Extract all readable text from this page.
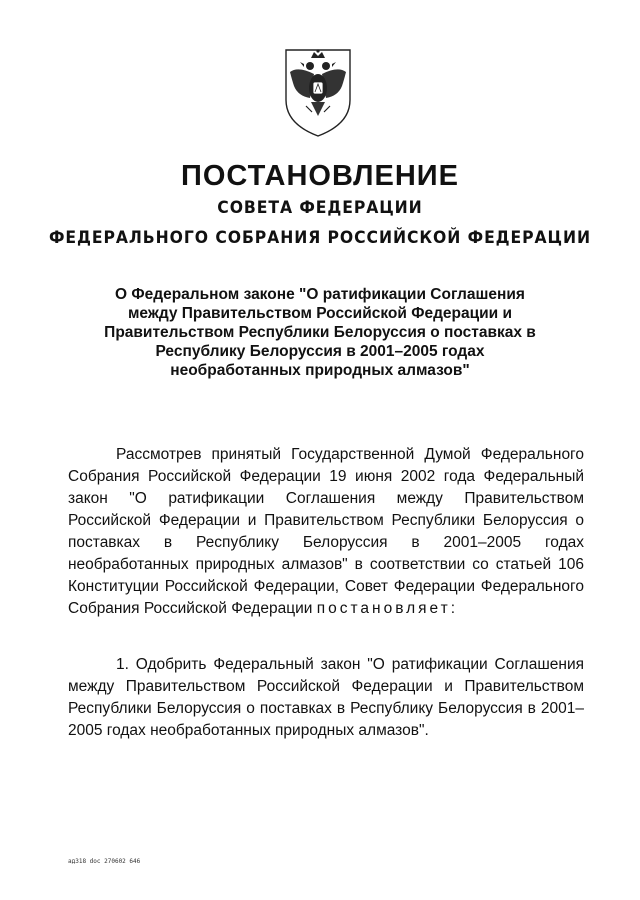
ПОСТАНОВЛЕНИЕ
СОВЕТА ФЕДЕРАЦИИ
ФЕДЕРАЛЬНОГО СОБРАНИЯ РОССИЙСКОЙ ФЕДЕРАЦИИ

О Федеральном законе "О ратификации Соглашения между Правительством Российской Федерации и Правительством Республики Белоруссия о поставках в Республику Белоруссия в 2001–2005 годах необработанных природных алмазов"

Рассмотрев принятый Государственной Думой Федерального Собрания Российской Федерации 19 июня 2002 года Федеральный закон "О ратификации Соглашения между Правительством Российской Федерации и Правительством Республики Белоруссия о поставках в Республику Белоруссия в 2001–2005 годах необработанных природных алмазов" в соответствии со статьей 106 Конституции Российской Федерации, Совет Федерации Федерального Собрания Российской Федерации постановляет:

1. Одобрить Федеральный закон "О ратификации Соглашения между Правительством Российской Федерации и Правительством Республики Белоруссия о поставках в Республику Белоруссия в 2001–2005 годах необработанных природных алмазов".

ад318 doc 270602 646
